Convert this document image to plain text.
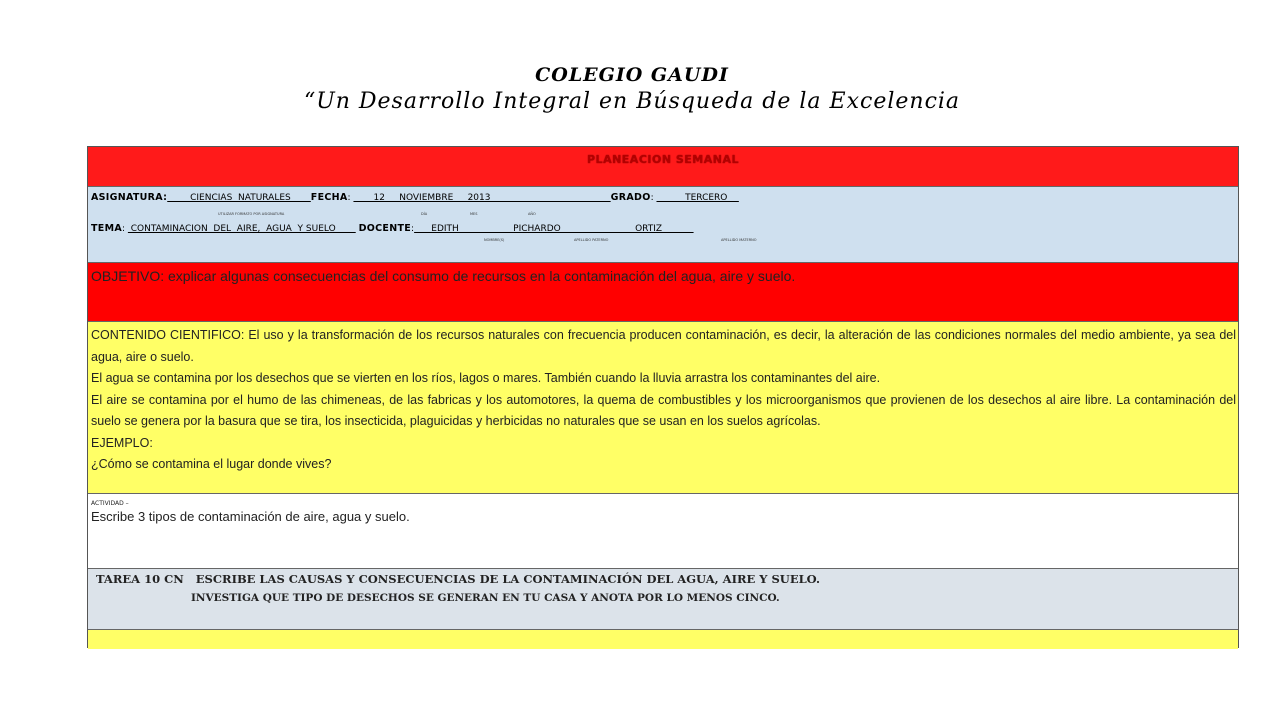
COLEGIO GAUDI
“Un Desarrollo Integral en Búsqueda de la Excelencia
PLANEACION SEMANAL
ASIGNATURA:        CIENCIAS  NATURALES       FECHA:        12     NOVIEMBRE     2013                                          GRADO:           TERCERO
UTILIZAR FORMATO POR ASIGNATURA	DÍA	MES	AÑO
TEMA:  CONTAMINACION  DEL  AIRE,  AGUA  Y SUELO        DOCENTE:      EDITH                   PICHARDO                          ORTIZ
NOMBRE(S)	APELLIDO PATERNO	APELLIDO MATERNO
OBJETIVO: explicar algunas consecuencias del consumo de recursos en la contaminación del agua, aire y suelo.

CONTENIDO CIENTIFICO: El uso y la transformación de los recursos naturales con frecuencia producen contaminación, es decir, la alteración de las condiciones normales del medio ambiente, ya sea del agua, aire o suelo.

El agua se contamina por los desechos que se vierten en los ríos, lagos o mares. También cuando la lluvia arrastra los contaminantes del aire.

El aire se contamina por el humo de las chimeneas, de las fabricas y los automotores, la quema de combustibles y los microorganismos que provienen de los desechos al aire libre. La contaminación del suelo se genera por la basura que se tira, los insecticida, plaguicidas y herbicidas no naturales que se usan en los suelos agrícolas.

EJEMPLO:

¿Cómo se contamina el lugar donde vives?

ACTIVIDAD –
Escribe 3 tipos de contaminación de aire, agua y suelo.
TAREA 10 CN   ESCRIBE LAS CAUSAS Y CONSECUENCIAS DE LA CONTAMINACIÓN DEL AGUA, AIRE Y SUELO.
INVESTIGA QUE TIPO DE DESECHOS SE GENERAN EN TU CASA Y ANOTA POR LO MENOS CINCO.
